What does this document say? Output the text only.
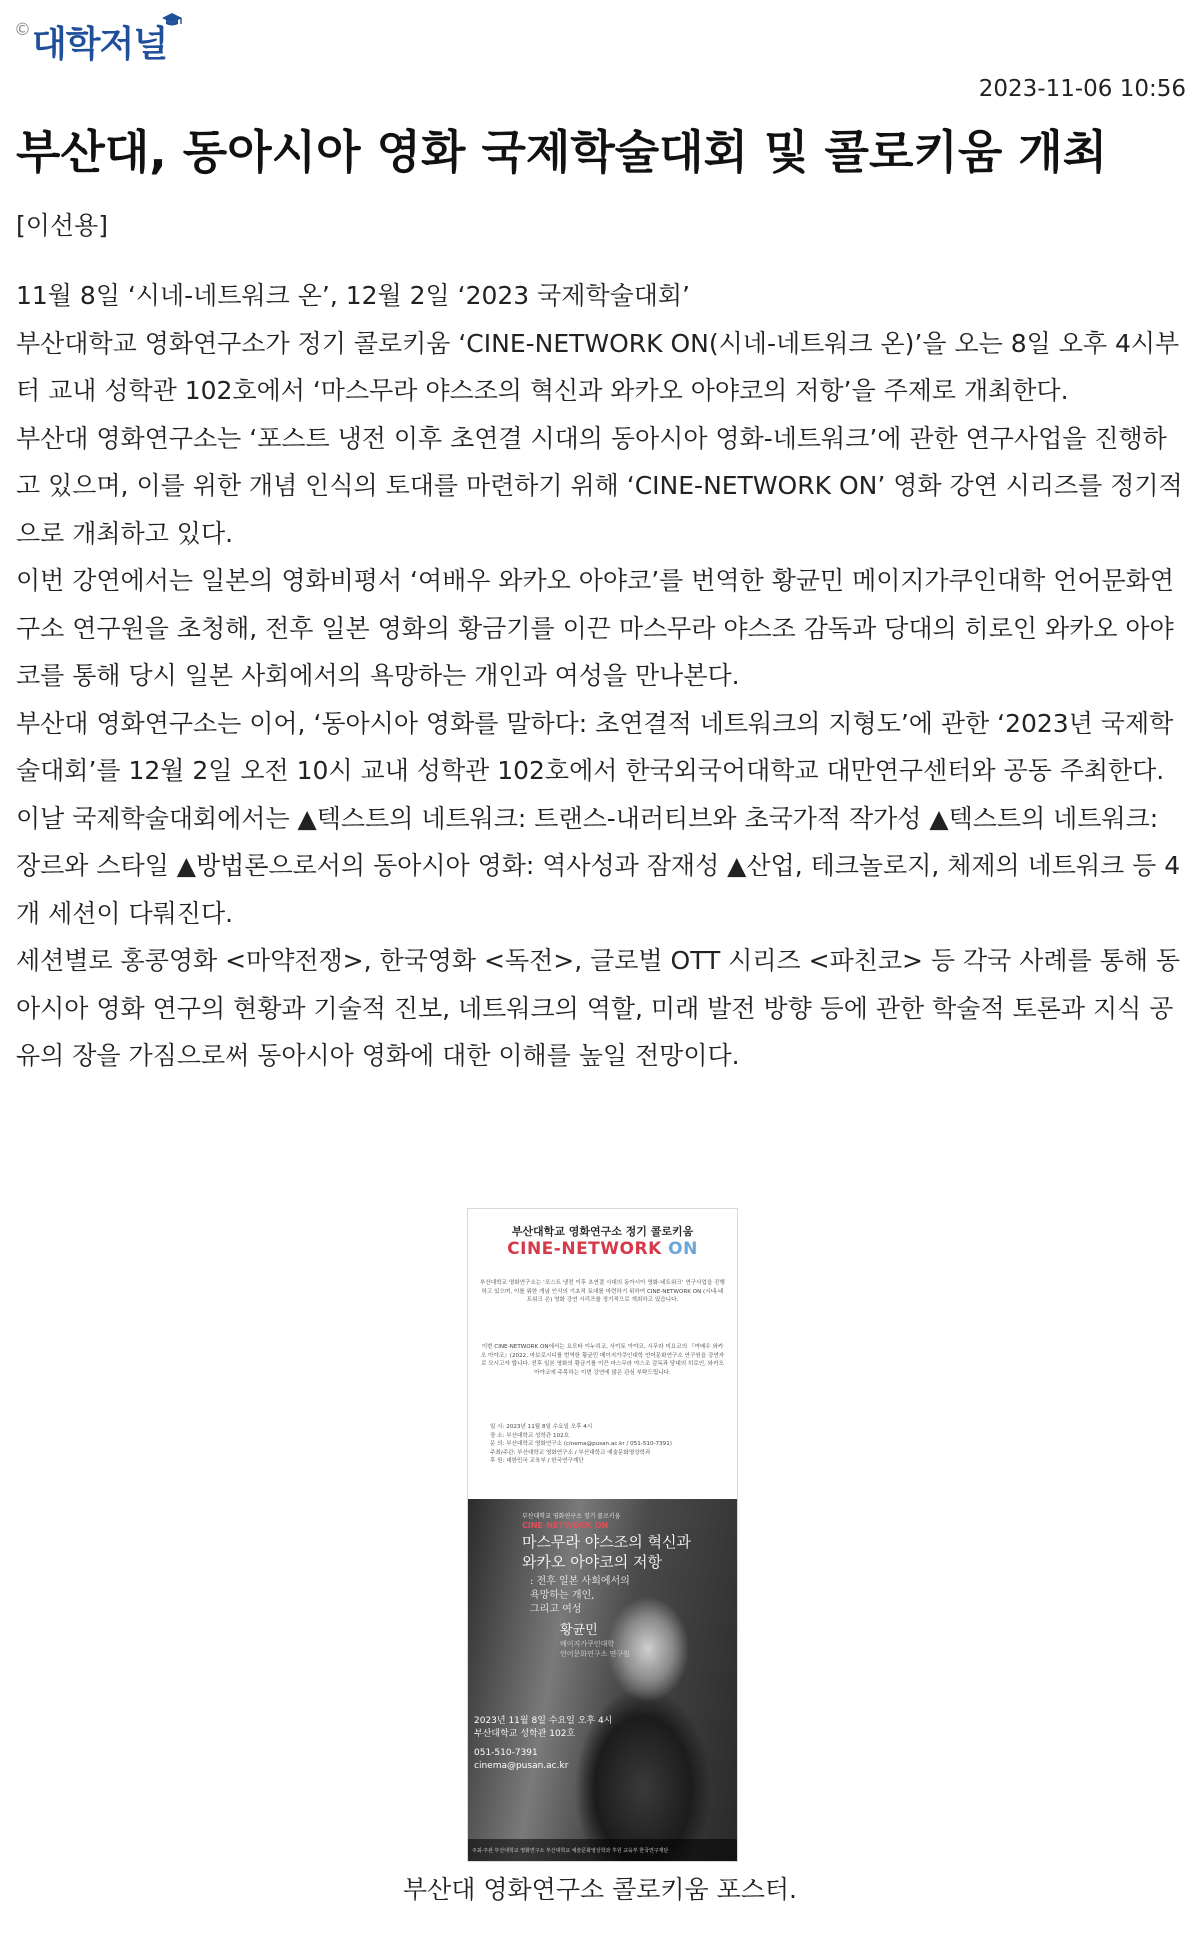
© 대학저널
2023-11-06 10:56
부산대, 동아시아 영화 국제학술대회 및 콜로키움 개최
[이선용]

11월 8일 ‘시네-네트워크 온’, 12월 2일 ‘2023 국제학술대회’

부산대학교 영화연구소가 정기 콜로키움 ‘CINE-NETWORK ON(시네-네트워크 온)’을 오는 8일 오후 4시부터 교내 성학관 102호에서 ‘마스무라 야스조의 혁신과 와카오 아야코의 저항’을 주제로 개최한다.

부산대 영화연구소는 ‘포스트 냉전 이후 초연결 시대의 동아시아 영화-네트워크’에 관한 연구사업을 진행하고 있으며, 이를 위한 개념 인식의 토대를 마련하기 위해 ‘CINE-NETWORK ON’ 영화 강연 시리즈를 정기적으로 개최하고 있다.

이번 강연에서는 일본의 영화비평서 ‘여배우 와카오 아야코’를 번역한 황균민 메이지가쿠인대학 언어문화연구소 연구원을 초청해, 전후 일본 영화의 황금기를 이끈 마스무라 야스조 감독과 당대의 히로인 와카오 아야코를 통해 당시 일본 사회에서의 욕망하는 개인과 여성을 만나본다.

부산대 영화연구소는 이어, ‘동아시아 영화를 말하다: 초연결적 네트워크의 지형도’에 관한 ‘2023년 국제학술대회’를 12월 2일 오전 10시 교내 성학관 102호에서 한국외국어대학교 대만연구센터와 공동 주최한다.

이날 국제학술대회에서는 ▲텍스트의 네트워크: 트랜스-내러티브와 초국가적 작가성 ▲텍스트의 네트워크: 장르와 스타일 ▲방법론으로서의 동아시아 영화: 역사성과 잠재성 ▲산업, 테크놀로지, 체제의 네트워크 등 4개 세션이 다뤄진다.

세션별로 홍콩영화 <마약전쟁>, 한국영화 <독전>, 글로벌 OTT 시리즈 <파친코> 등 각국 사례를 통해 동아시아 영화 연구의 현황과 기술적 진보, 네트워크의 역할, 미래 발전 방향 등에 관한 학술적 토론과 지식 공유의 장을 가짐으로써 동아시아 영화에 대한 이해를 높일 전망이다.

부산대학교 영화연구소 정기 콜로키움
CINE-NETWORK ON
부산대학교 영화연구소는 ‘포스트 냉전 이후 초연결 시대의 동아시아 영화-네트워크’ 연구사업을 진행하고 있으며, 이를 위한 개념 인식의 기초적 토대를 마련하기 위하여 CINE-NETWORK ON (시네-네트워크 온) 영화 강연 시리즈를 정기적으로 개최하고 있습니다.
이번 CINE-NETWORK ON에서는 요모타 이누히코, 사이토 아야코, 시무라 미요코의 『여배우 와카오 아야코』(2022, 마보로시디를 번역한 황균민 메이지가쿠인대학 언어문화연구소 연구원을 강연자로 모시고자 합니다. 전후 일본 영화의 황금기를 이끈 마스무라 야스조 감독과 당대의 히로인, 와카오 아야코에 주목하는 이번 강연에 많은 관심 부탁드립니다.
일 시: 2023년 11월 8일 수요일 오후 4시
장 소: 부산대학교 성학관 102호
문 의: 부산대학교 영화연구소 (cinema@pusan.ac.kr / 051-510-7391)
주최/주관: 부산대학교 영화연구소 / 부산대학교 예술문화영상학과
후 원: 대한민국 교육부 / 한국연구재단
부산대학교 영화연구소 정기 콜로키움
CINE-NETWORK ON
마스무라 야스조의 혁신과
와카오 아야코의 저항
: 전후 일본 사회에서의
욕망하는 개인,
그리고 여성
황균민
메이지가쿠인대학
언어문화연구소 연구원
2023년 11월 8일 수요일 오후 4시
부산대학교 성학관 102호
051-510-7391
cinema@pusan.ac.kr
주최·주관 부산대학교 영화연구소 부산대학교 예술문화영상학과 후원 교육부 한국연구재단
부산대 영화연구소 콜로키움 포스터.
